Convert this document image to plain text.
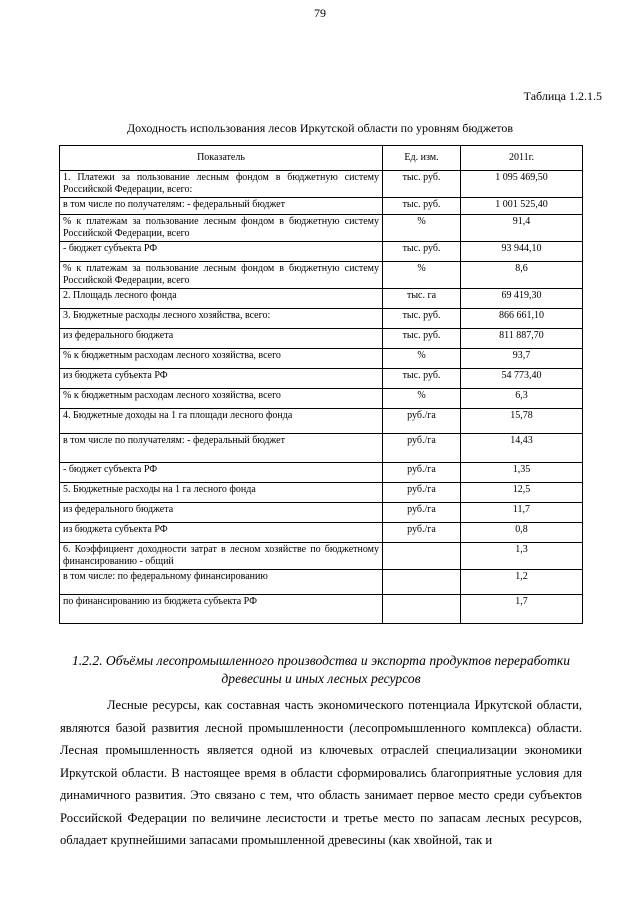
79
Таблица 1.2.1.5
Доходность использования лесов Иркутской области по уровням бюджетов
Показатель	Ед. изм.	2011г.
1. Платежи за пользование лесным фондом в бюджетную систему Российской Федерации, всего:	тыс. руб.	1 095 469,50
в том числе по получателям: - федеральный бюджет	тыс. руб.	1 001 525,40
% к платежам за пользование лесным фондом в бюджетную систему Российской Федерации, всего	%	91,4
- бюджет субъекта РФ	тыс. руб.	93 944,10
% к платежам за пользование лесным фондом в бюджетную систему Российской Федерации, всего	%	8,6
2. Площадь лесного фонда	тыс. га	69 419,30
3. Бюджетные расходы лесного хозяйства, всего:	тыс. руб.	866 661,10
из федерального бюджета	тыс. руб.	811 887,70
% к бюджетным расходам лесного хозяйства, всего	%	93,7
из бюджета субъекта РФ	тыс. руб.	54 773,40
% к бюджетным расходам лесного хозяйства, всего	%	6,3
4. Бюджетные доходы на 1 га площади лесного фонда	руб./га	15,78
в том числе по получателям: - федеральный бюджет	руб./га	14,43
- бюджет субъекта РФ	руб./га	1,35
5. Бюджетные расходы на 1 га лесного фонда	руб./га	12,5
из федерального бюджета	руб./га	11,7
из бюджета субъекта РФ	руб./га	0,8
6. Коэффициент доходности затрат в лесном хозяйстве по бюджетному финансированию - общий		1,3
в том числе: по федеральному финансированию		1,2
по финансированию из бюджета субъекта РФ		1,7
1.2.2. Объёмы лесопромышленного производства и экспорта продуктов переработки древесины и иных лесных ресурсов

Лесные ресурсы, как составная часть экономического потенциала Иркутской области, являются базой развития лесной промышленности (лесопромышленного комплекса) области. Лесная промышленность является одной из ключевых отраслей специализации экономики Иркутской области. В настоящее время в области сформировались благоприятные условия для динамичного развития. Это связано с тем, что область занимает первое место среди субъектов Российской Федерации по величине лесистости и третье место по запасам лесных ресурсов, обладает крупнейшими запасами промышленной древесины (как хвойной, так и
